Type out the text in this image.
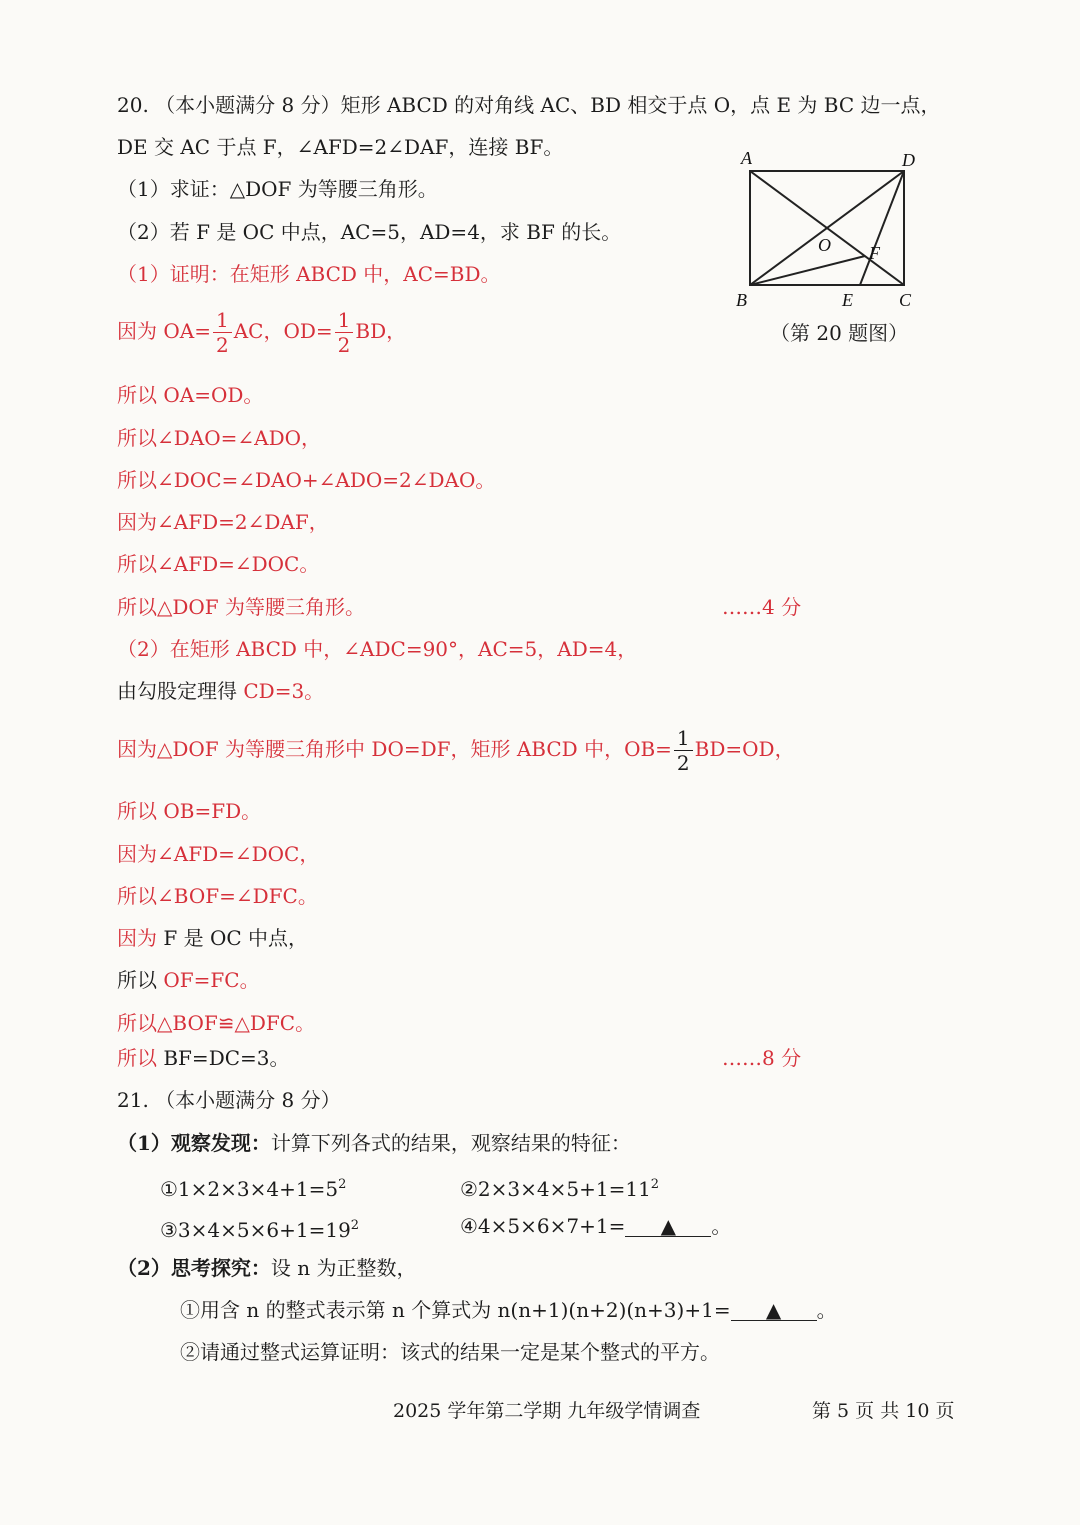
20. （本小题满分 8 分）矩形 ABCD 的对角线 AC、BD 相交于点 O，点 E 为 BC 边一点，
DE 交 AC 于点 F，∠AFD=2∠DAF，连接 BF。
（1）求证：△DOF 为等腰三角形。
（2）若 F 是 OC 中点，AC=5，AD=4，求 BF 的长。
A	D
B	E	C
O F
（第 20 题图）
（1）证明：在矩形 ABCD 中，AC=BD。
因为 $OA= \frac{1}{2}$ AC，$OD= \frac{1}{2}$ BD，
所以 OA=OD。
所以∠DAO=∠ADO，
所以∠DOC=∠DAO+∠ADO=2∠DAO。
因为∠AFD=2∠DAF，
所以∠AFD=∠DOC。
所以△DOF 为等腰三角形。	……4 分
（2）在矩形 ABCD 中，∠ADC=90°，AC=5，AD=4，
由勾股定理得 CD=3。
因为△DOF 为等腰三角形中 DO=DF，矩形 ABCD 中，$OB= \frac{1}{2} BD=OD$，
所以 OB=FD。
因为∠AFD=∠DOC，
所以∠BOF=∠DFC。
因为 F 是 OC 中点，
所以 OF=FC。
所以△BOF≌△DFC。
所以 BF=DC=3。	……8 分
21. （本小题满分 8 分）
（1）观察发现：计算下列各式的结果，观察结果的特征：
$①1\times 2\times 3\times 4+1=5^2$	$②2\times 3\times 4\times 5+1=11^2$
$③3\times 4\times 5\times 6+1=19^2$	④4×5×6×7+1= ▲ 。
（2）思考探究：设 n 为正整数，
①用含 n 的整式表示第 n 个算式为 n(n+1)(n+2)(n+3)+1= ▲ 。
②请通过整式运算证明：该式的结果一定是某个整式的平方。
2025 学年第二学期 九年级学情调查	第 5 页 共 10 页
